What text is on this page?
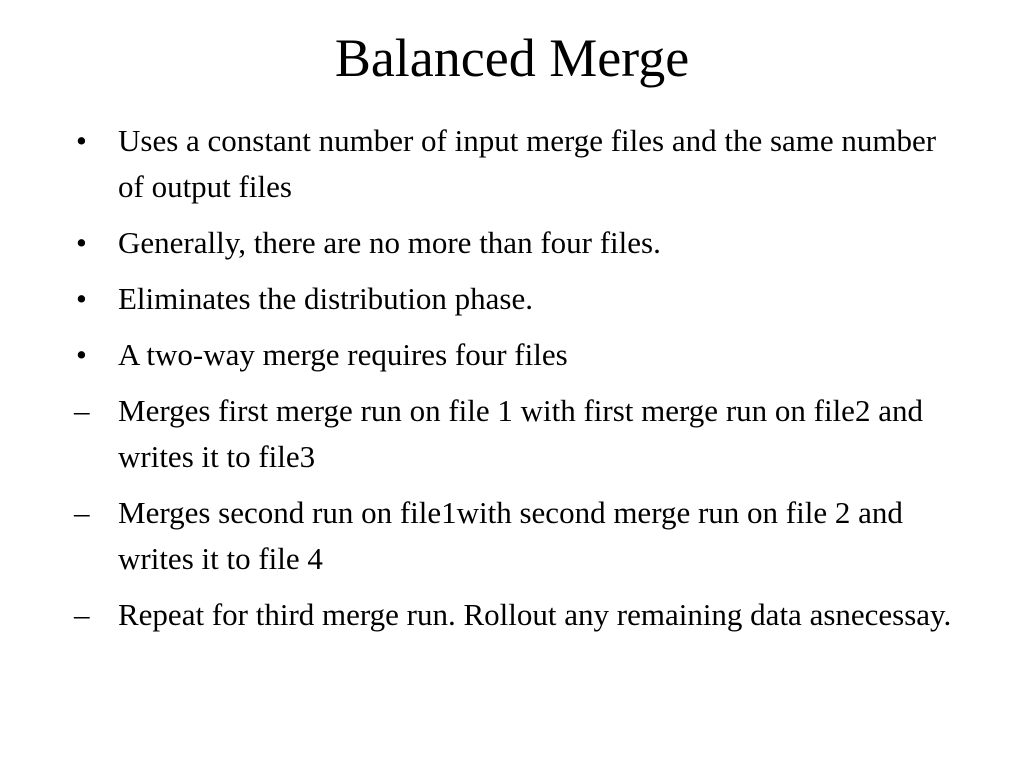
Balanced Merge
•	Uses a constant number of input merge files and the same number of output files
•	Generally, there are no more than four files.
•	Eliminates the distribution phase.
•	A two-way merge requires four files
– Merges first merge run on file 1 with first merge run on file2 and writes it to file3
– Merges second run on file1with second merge run on file 2 and writes it to file 4
– Repeat for third merge run. Rollout any remaining data asnecessay.
